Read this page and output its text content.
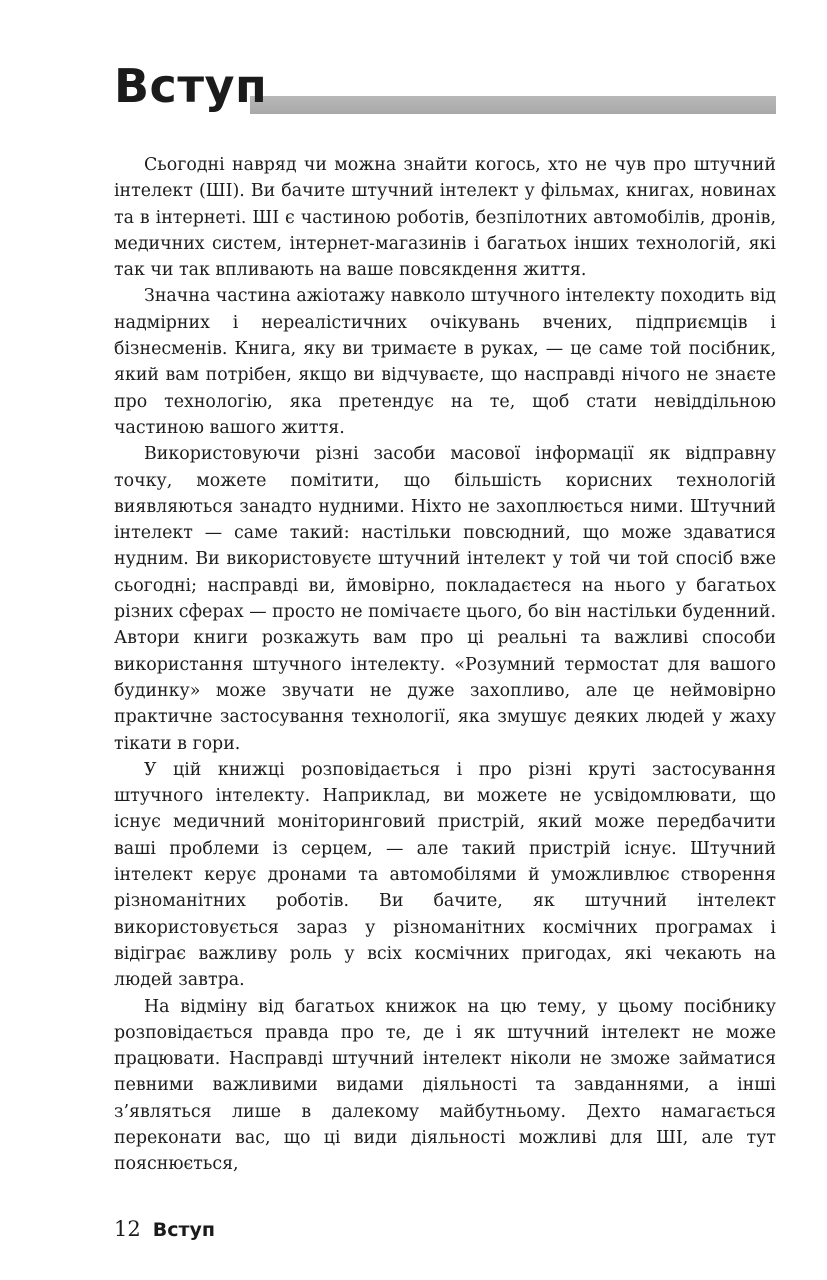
Вступ

Сьогодні навряд чи можна знайти когось, хто не чув про штучний інтелект (ШІ). Ви бачите штучний інтелект у фільмах, книгах, новинах та в інтернеті. ШІ є частиною роботів, безпілотних автомобілів, дронів, медичних систем, інтернет-магазинів і багатьох інших технологій, які так чи так впливають на ваше повсякдення життя.

Значна частина ажіотажу навколо штучного інтелекту походить від надмірних і нереалістичних очікувань вчених, підприємців і бізнесменів. Книга, яку ви тримаєте в руках, — це саме той посібник, який вам потрібен, якщо ви відчуваєте, що насправді нічого не знаєте про технологію, яка претендує на те, щоб стати невіддільною частиною вашого життя.

Використовуючи різні засоби масової інформації як відправну точку, можете помітити, що більшість корисних технологій виявляються занадто нудними. Ніхто не захоплюється ними. Штучний інтелект — саме такий: настільки повсюдний, що може здаватися нудним. Ви використовуєте штучний інтелект у той чи той спосіб вже сьогодні; насправді ви, ймовірно, покладаєтеся на нього у багатьох різних сферах — просто не помічаєте цього, бо він настільки буденний. Автори книги розкажуть вам про ці реальні та важливі способи використання штучного інтелекту. «Розумний термостат для вашого будинку» може звучати не дуже захопливо, але це неймовірно практичне застосування технології, яка змушує деяких людей у жаху тікати в гори.

У цій книжці розповідається і про різні круті застосування штучного інтелекту. Наприклад, ви можете не усвідомлювати, що існує медичний моніторинговий пристрій, який може передбачити ваші проблеми із серцем, — але такий пристрій існує. Штучний інтелект керує дронами та автомобілями й уможливлює створення різноманітних роботів. Ви бачите, як штучний інтелект використовується зараз у різноманітних космічних програмах і відіграє важливу роль у всіх космічних пригодах, які чекають на людей завтра.

На відміну від багатьох книжок на цю тему, у цьому посібнику розповідається правда про те, де і як штучний інтелект не може працювати. Насправді штучний інтелект ніколи не зможе займатися певними важливими видами діяльності та завданнями, а інші з’являться лише в далекому майбутньому. Дехто намагається переконати вас, що ці види діяльності можливі для ШІ, але тут пояснюється,

12 Вступ
